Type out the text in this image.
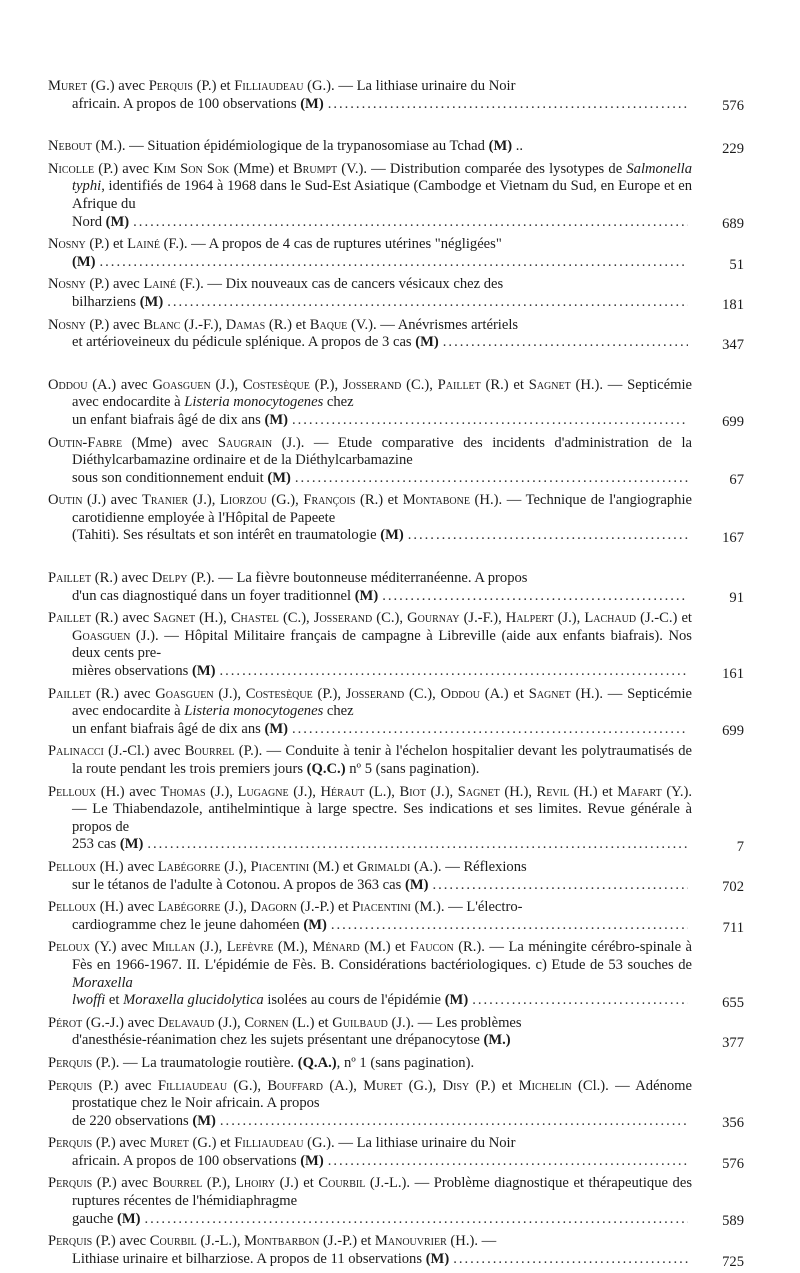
Muret (G.) avec Perquis (P.) et Filliaudeau (G.). — La lithiase urinaire du Noir
africain. A propos de 100 observations (M) .....	576
Nebout (M.). — Situation épidémiologique de la trypanosomiase au Tchad (M) ..	229
Nicolle (P.) avec Kim Son Sok (Mme) et Brumpt (V.). — Distribution comparée des lysotypes de Salmonella typhi, identifiés de 1964 à 1968 dans le Sud-Est Asiatique (Cambodge et Vietnam du Sud, en Europe et en Afrique du
Nord (M) .....	689
Nosny (P.) et Lainé (F.). — A propos de 4 cas de ruptures utérines "négligées"
(M) .....	51
Nosny (P.) avec Lainé (F.). — Dix nouveaux cas de cancers vésicaux chez des
bilharziens (M) .....	181
Nosny (P.) avec Blanc (J.-F.), Damas (R.) et Baque (V.). — Anévrismes artériels
et artérioveineux du pédicule splénique. A propos de 3 cas (M) .....	347
Oddou (A.) avec Goasguen (J.), Costesèque (P.), Josserand (C.), Paillet (R.) et Sagnet (H.). — Septicémie avec endocardite à Listeria monocytogenes chez
un enfant biafrais âgé de dix ans (M) .....	699
Outin-Fabre (Mme) avec Saugrain (J.). — Etude comparative des incidents d'administration de la Diéthylcarbamazine ordinaire et de la Diéthylcarbamazine
sous son conditionnement enduit (M) .....	67
Outin (J.) avec Tranier (J.), Liorzou (G.), François (R.) et Montabone (H.). — Technique de l'angiographie carotidienne employée à l'Hôpital de Papeete
(Tahiti). Ses résultats et son intérêt en traumatologie (M) .....	167
Paillet (R.) avec Delpy (P.). — La fièvre boutonneuse méditerranéenne. A propos
d'un cas diagnostiqué dans un foyer traditionnel (M) .....	91
Paillet (R.) avec Sagnet (H.), Chastel (C.), Josserand (C.), Gournay (J.-F.), Halpert (J.), Lachaud (J.-C.) et Goasguen (J.). — Hôpital Militaire français de campagne à Libreville (aide aux enfants biafrais). Nos deux cents pre-
mières observations (M) .....	161
Paillet (R.) avec Goasguen (J.), Costesèque (P.), Josserand (C.), Oddou (A.) et Sagnet (H.). — Septicémie avec endocardite à Listeria monocytogenes chez
un enfant biafrais âgé de dix ans (M) .....	699
Palinacci (J.-Cl.) avec Bourrel (P.). — Conduite à tenir à l'échelon hospitalier devant les polytraumatisés de la route pendant les trois premiers jours (Q.C.) nº 5 (sans pagination).
Pelloux (H.) avec Thomas (J.), Lugagne (J.), Héraut (L.), Biot (J.), Sagnet (H.), Revil (H.) et Mafart (Y.). — Le Thiabendazole, antihelmintique à large spectre. Ses indications et ses limites. Revue générale à propos de
253 cas (M) .....	7
Pelloux (H.) avec Labégorre (J.), Piacentini (M.) et Grimaldi (A.). — Réflexions
sur le tétanos de l'adulte à Cotonou. A propos de 363 cas (M) .....	702
Pelloux (H.) avec Labégorre (J.), Dagorn (J.-P.) et Piacentini (M.). — L'électro-
cardiogramme chez le jeune dahoméen (M) .....	711
Peloux (Y.) avec Millan (J.), Lefèvre (M.), Ménard (M.) et Faucon (R.). — La méningite cérébro-spinale à Fès en 1966-1967. II. L'épidémie de Fès. B. Considérations bactériologiques. c) Etude de 53 souches de Moraxella
lwoffi et Moraxella glucidolytica isolées au cours de l'épidémie (M) .....	655
Pérot (G.-J.) avec Delavaud (J.), Cornen (L.) et Guilbaud (J.). — Les problèmes
d'anesthésie-réanimation chez les sujets présentant une drépanocytose (M.)	377
Perquis (P.). — La traumatologie routière. (Q.A.), nº 1 (sans pagination).
Perquis (P.) avec Filliaudeau (G.), Bouffard (A.), Muret (G.), Disy (P.) et Michelin (Cl.). — Adénome prostatique chez le Noir africain. A propos
de 220 observations (M) .....	356
Perquis (P.) avec Muret (G.) et Filliaudeau (G.). — La lithiase urinaire du Noir
africain. A propos de 100 observations (M) .....	576
Perquis (P.) avec Bourrel (P.), Lhoiry (J.) et Courbil (J.-L.). — Problème diagnostique et thérapeutique des ruptures récentes de l'hémidiaphragme
gauche (M) .....	589
Perquis (P.) avec Courbil (J.-L.), Montbarbon (J.-P.) et Manouvrier (H.). —
Lithiase urinaire et bilharziose. A propos de 11 observations (M) .....	725
